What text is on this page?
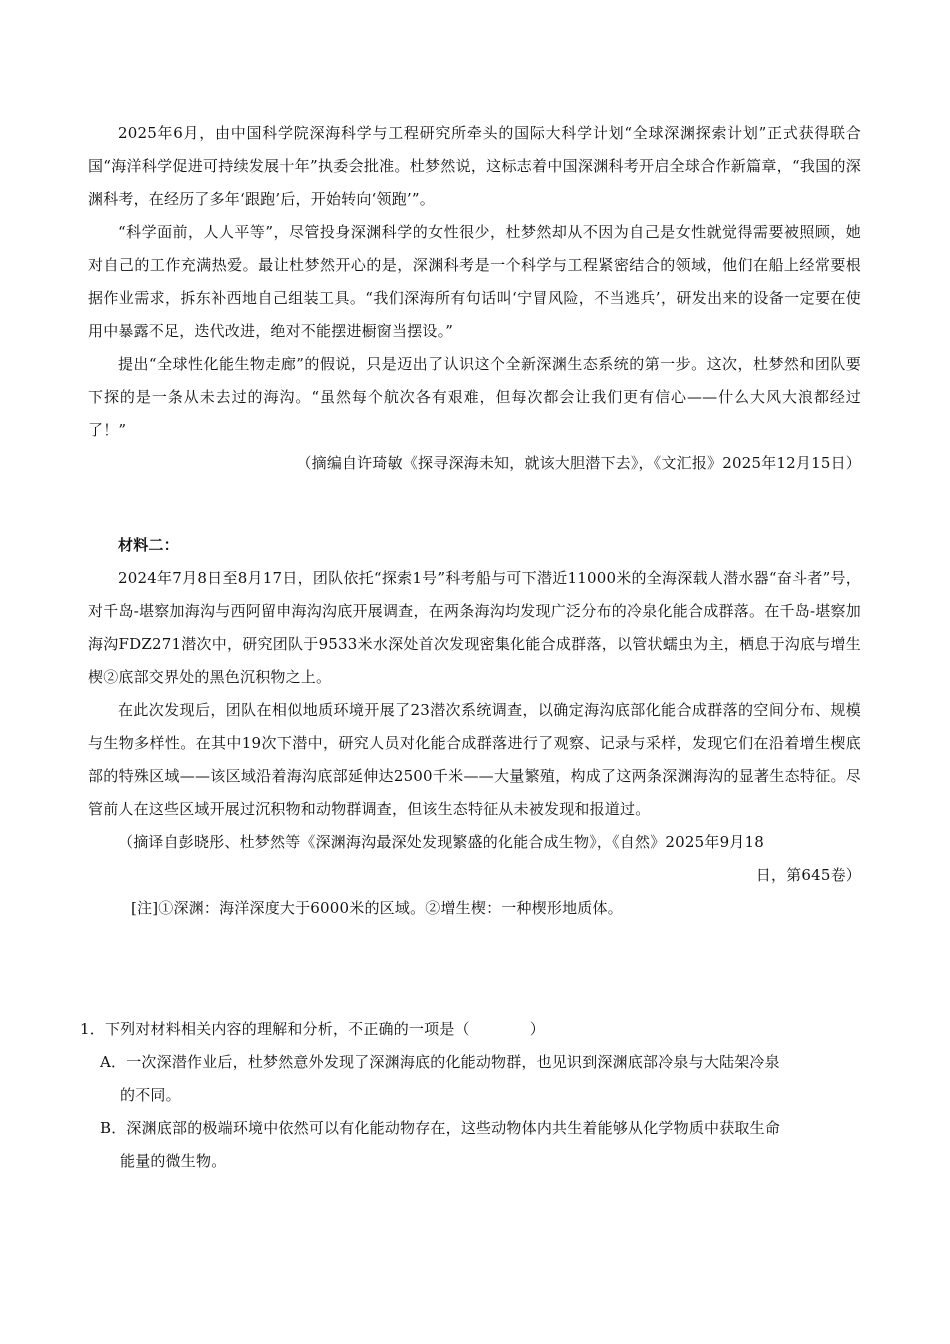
2025年6月，由中国科学院深海科学与工程研究所牵头的国际大科学计划“全球深渊探索计划”正式获得联合国“海洋科学促进可持续发展十年”执委会批准。杜梦然说，这标志着中国深渊科考开启全球合作新篇章，“我国的深渊科考，在经历了多年‘跟跑’后，开始转向‘领跑’”。

“科学面前，人人平等”，尽管投身深渊科学的女性很少，杜梦然却从不因为自己是女性就觉得需要被照顾，她对自己的工作充满热爱。最让杜梦然开心的是，深渊科考是一个科学与工程紧密结合的领域，他们在船上经常要根据作业需求，拆东补西地自己组装工具。“我们深海所有句话叫‘宁冒风险，不当逃兵’，研发出来的设备一定要在使用中暴露不足，迭代改进，绝对不能摆进橱窗当摆设。”

提出“全球性化能生物走廊”的假说，只是迈出了认识这个全新深渊生态系统的第一步。这次，杜梦然和团队要下探的是一条从未去过的海沟。“虽然每个航次各有艰难，但每次都会让我们更有信心——什么大风大浪都经过了！”

（摘编自许琦敏《探寻深海未知，就该大胆潜下去》，《文汇报》2025年12月15日）

材料二：

2024年7月8日至8月17日，团队依托“探索1号”科考船与可下潜近11000米的全海深载人潜水器“奋斗者”号，对千岛-堪察加海沟与西阿留申海沟沟底开展调查，在两条海沟均发现广泛分布的冷泉化能合成群落。在千岛-堪察加海沟FDZ271潜次中，研究团队于9533米水深处首次发现密集化能合成群落，以管状蠕虫为主，栖息于沟底与增生楔②底部交界处的黑色沉积物之上。

在此次发现后，团队在相似地质环境开展了23潜次系统调查，以确定海沟底部化能合成群落的空间分布、规模与生物多样性。在其中19次下潜中，研究人员对化能合成群落进行了观察、记录与采样，发现它们在沿着增生楔底部的特殊区域——该区域沿着海沟底部延伸达2500千米——大量繁殖，构成了这两条深渊海沟的显著生态特征。尽管前人在这些区域开展过沉积物和动物群调查，但该生态特征从未被发现和报道过。

（摘译自彭晓彤、杜梦然等《深渊海沟最深处发现繁盛的化能合成生物》，《自然》2025年9月18

日，第645卷）

[注]①深渊：海洋深度大于6000米的区域。②增生楔：一种楔形地质体。

1．下列对材料相关内容的理解和分析，不正确的一项是（	）

A．一次深潜作业后，杜梦然意外发现了深渊海底的化能动物群，也见识到深渊底部冷泉与大陆架冷泉
的不同。
B．深渊底部的极端环境中依然可以有化能动物存在，这些动物体内共生着能够从化学物质中获取生命
能量的微生物。
